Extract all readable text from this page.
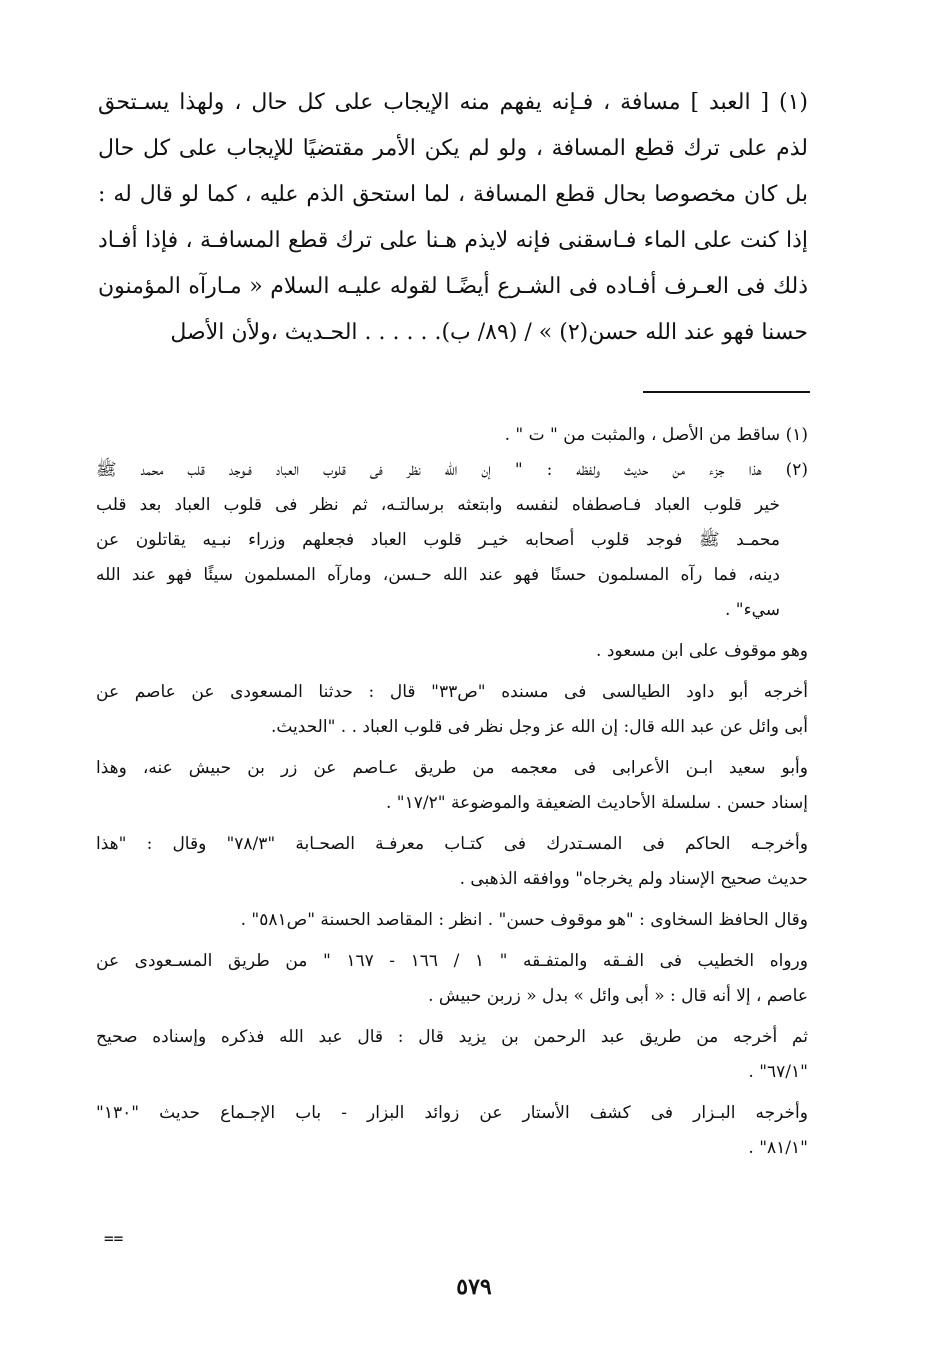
(١) [ العبد ] مسافة ، فـإنه يفهم منه الإيجاب على كل حال ، ولهذا يسـتحق
لذم على ترك قطع المسافة ، ولو لم يكن الأمر مقتضيًا للإيجاب على كل حال
بل كان مخصوصا بحال قطع المسافة ، لما استحق الذم عليه ، كما لو قال له :
إذا كنت على الماء فـاسقنى فإنه لايذم هـنا على ترك قطع المسافـة ، فإذا أفـاد
ذلك فى العـرف أفـاده فى الشـرع أيضًـا لقوله عليـه السلام « مـارآه المؤمنون
حسنا فهو عند الله حسن(٢) » / (٨٩/ ب). . . . . . الحـديث ،ولأن الأصل
(١) ساقط من الأصل ، والمثبت من " ت " .
(٢) هذا جزء من حديث ولفظه : " إن الله نظر فى قلوب العباد فـوجد قلب محمد ﷺ
خير قلوب العباد فـاصطفاه لنفسه وابتعثه برسالتـه، ثم نظر فى قلوب العباد بعد قلب
محمـد ﷺ فوجد قلوب أصحابه خيـر قلوب العباد فجعلهم وزراء نبـيه يقاتلون عن
دينه، فما رآه المسلمون حسنًا فهو عند الله حـسن، ومارآه المسلمون سيئًا فهو عند الله
سيء" .
وهو موقوف على ابن مسعود .
أخرجه أبو داود الطيالسى فى مسنده "ص٣٣" قال : حدثنا المسعودى عن عاصم عن
أبى وائل عن عبد الله قال: إن الله عز وجل نظر فى قلوب العباد . . "الحديث.
وأبو سعيد ابـن الأعرابى فى معجمه من طريق عـاصم عن زر بن حبيش عنه، وهذا
إسناد حسن . سلسلة الأحاديث الضعيفة والموضوعة "١٧/٢" .
وأخرجـه الحاكم فى المسـتدرك فى كتـاب معرفـة الصحـابة "٧٨/٣" وقال : "هذا
حديث صحيح الإسناد ولم يخرجاه" ووافقه الذهبى .
وقال الحافظ السخاوى : "هو موقوف حسن" . انظر : المقاصد الحسنة "ص٥٨١" .
ورواه الخطيب فى الفـقه والمتفـقه " ١ / ١٦٦ - ١٦٧ " من طريق المسـعودى عن
عاصم ، إلا أنه قال : « أبى وائل » بدل « زربن حبيش .
ثم أخرجه من طريق عبد الرحمن بن يزيد قال : قال عبد الله فذكره وإسناده صحيح
"٦٧/١" .
وأخرجه البـزار فى كشف الأستار عن زوائد البزار - باب الإجـماع حديث "١٣٠"
"٨١/١" .
==
٥٧٩
